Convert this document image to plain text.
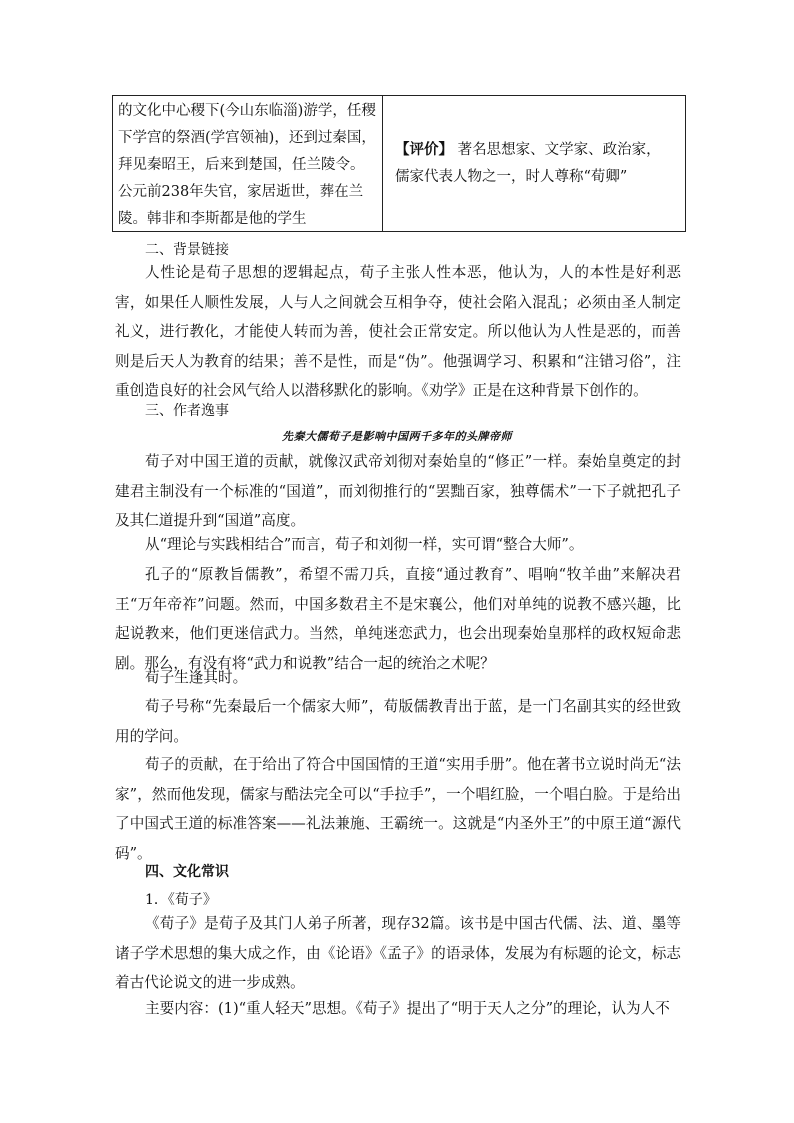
的文化中心稷下(今山东临淄)游学，任稷下学宫的祭酒(学宫领袖)，还到过秦国，拜见秦昭王，后来到楚国，任兰陵令。公元前238年失官，家居逝世，葬在兰陵。韩非和李斯都是他的学生
【评价】 著名思想家、文学家、政治家，儒家代表人物之一，时人尊称“荀卿”
二、背景链接
人性论是荀子思想的逻辑起点，荀子主张人性本恶，他认为，人的本性是好利恶害，如果任人顺性发展，人与人之间就会互相争夺，使社会陷入混乱；必须由圣人制定礼义，进行教化，才能使人转而为善，使社会正常安定。所以他认为人性是恶的，而善则是后天人为教育的结果；善不是性，而是“伪”。他强调学习、积累和“注错习俗”，注重创造良好的社会风气给人以潜移默化的影响。《劝学》正是在这种背景下创作的。
三、作者逸事
先秦大儒荀子是影响中国两千多年的头牌帝师
荀子对中国王道的贡献，就像汉武帝刘彻对秦始皇的“修正”一样。秦始皇奠定的封建君主制没有一个标准的“国道”，而刘彻推行的“罢黜百家，独尊儒术”一下子就把孔子及其仁道提升到“国道”高度。
从“理论与实践相结合”而言，荀子和刘彻一样，实可谓“整合大师”。
孔子的“原教旨儒教”，希望不需刀兵，直接“通过教育”、唱响“牧羊曲”来解决君王“万年帝祚”问题。然而，中国多数君主不是宋襄公，他们对单纯的说教不感兴趣，比起说教来，他们更迷信武力。当然，单纯迷恋武力，也会出现秦始皇那样的政权短命悲剧。那么，有没有将“武力和说教”结合一起的统治之术呢？
荀子生逢其时。
荀子号称“先秦最后一个儒家大师”，荀版儒教青出于蓝，是一门名副其实的经世致用的学问。
荀子的贡献，在于给出了符合中国国情的王道“实用手册”。他在著书立说时尚无“法家”，然而他发现，儒家与酷法完全可以“手拉手”，一个唱红脸，一个唱白脸。于是给出了中国式王道的标准答案——礼法兼施、王霸统一。这就是“内圣外王”的中原王道“源代码”。
四、文化常识
1．《荀子》
《荀子》是荀子及其门人弟子所著，现存32篇。该书是中国古代儒、法、道、墨等诸子学术思想的集大成之作，由《论语》《孟子》的语录体，发展为有标题的论文，标志着古代论说文的进一步成熟。
主要内容：(1)“重人轻天”思想。《荀子》提出了“明于天人之分”的理论，认为人不
